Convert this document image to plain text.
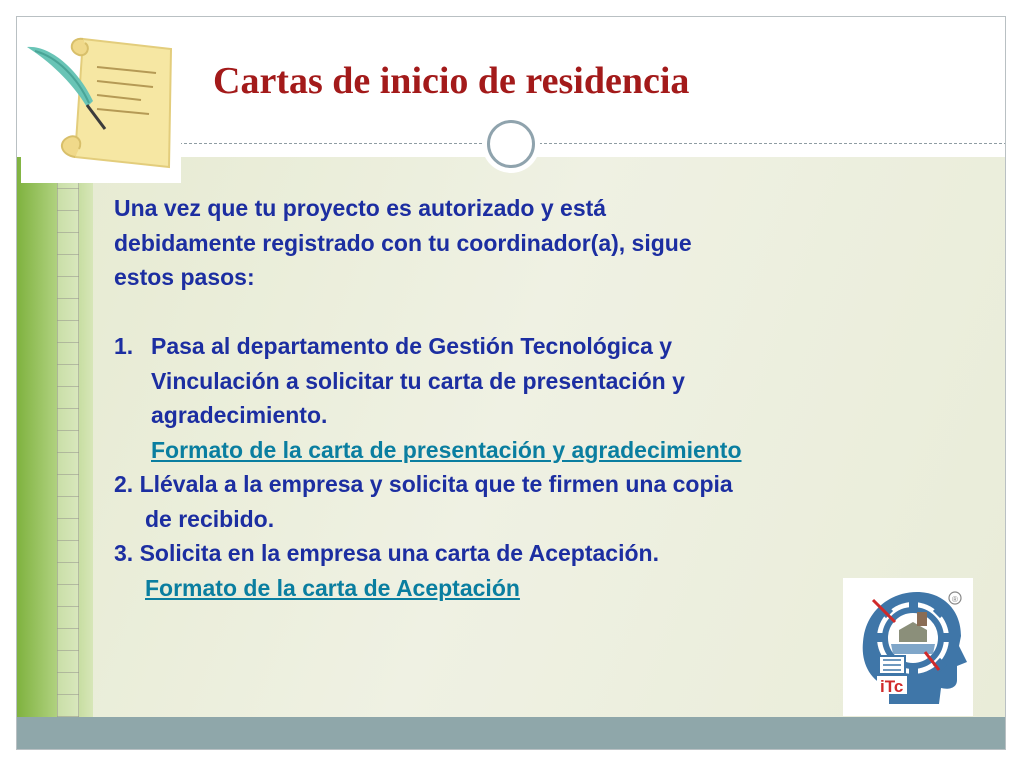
Cartas de inicio de residencia
Una vez que tu proyecto es autorizado y está
debidamente registrado con tu coordinador(a), sigue
estos pasos:

1. Pasa al departamento de Gestión Tecnológica y
Vinculación a solicitar tu carta de presentación y
agradecimiento.
Formato de la carta de presentación y agradecimiento
2. Llévala a la empresa y solicita que te firmen una copia
de recibido.
3. Solicita en la empresa una carta de Aceptación.
Formato de la carta de Aceptación
iTc
®
